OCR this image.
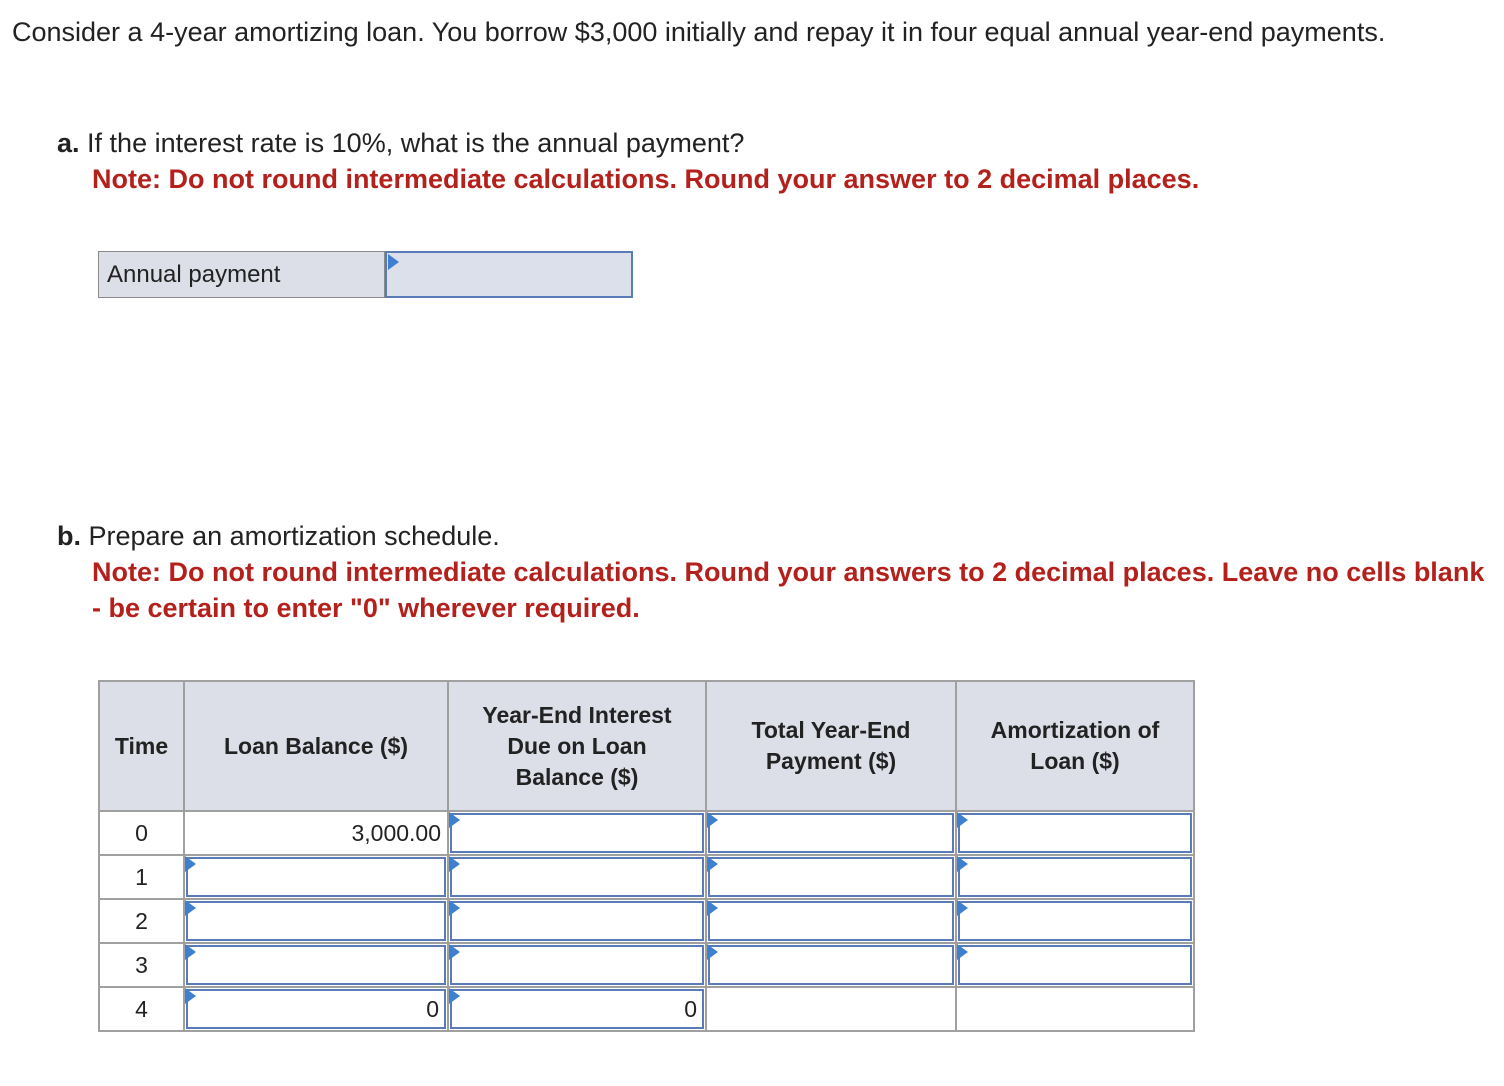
Consider a 4-year amortizing loan. You borrow $3,000 initially and repay it in four equal annual year-end payments.
a. If the interest rate is 10%, what is the annual payment?
Note: Do not round intermediate calculations. Round your answer to 2 decimal places.
Annual payment
b. Prepare an amortization schedule.
Note: Do not round intermediate calculations. Round your answers to 2 decimal places. Leave no cells blank - be certain to enter "0" wherever required.
Time	Loan Balance ($)	Year-End Interest Due on Loan Balance ($)	Total Year-End Payment ($)	Amortization of Loan ($)
0	3,000.00	

1	

2	

3	

4	0	0		
